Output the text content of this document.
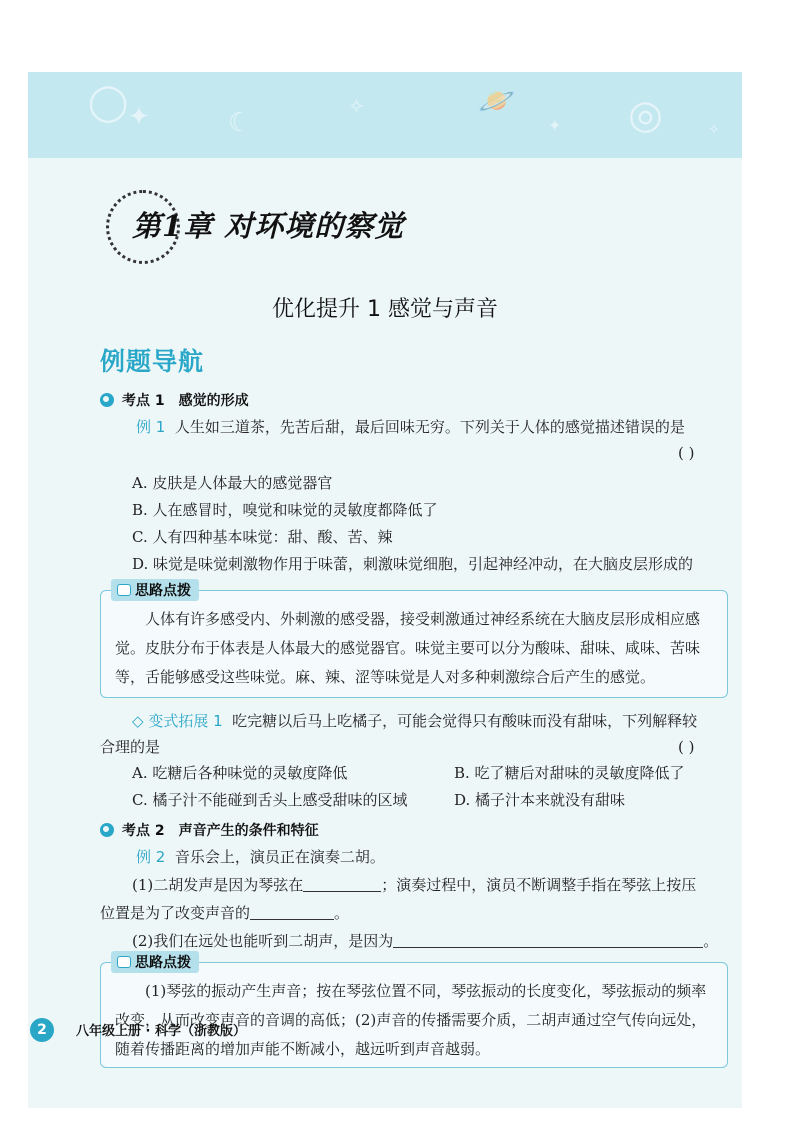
◯ ✦	☾
✧	🪐
✦ ◎	✧
第1章 对环境的察觉
优化提升 1 感觉与声音
例题导航
考点 1 感觉的形成
例 1 人生如三道茶，先苦后甜，最后回味无穷。下列关于人体的感觉描述错误的是
( )
A. 皮肤是人体最大的感觉器官
B. 人在感冒时，嗅觉和味觉的灵敏度都降低了
C. 人有四种基本味觉：甜、酸、苦、辣
D. 味觉是味觉刺激物作用于味蕾，刺激味觉细胞，引起神经冲动，在大脑皮层形成的
思路点拨

人体有许多感受内、外刺激的感受器，接受刺激通过神经系统在大脑皮层形成相应感觉。皮肤分布于体表是人体最大的感觉器官。味觉主要可以分为酸味、甜味、咸味、苦味等，舌能够感受这些味觉。麻、辣、涩等味觉是人对多种刺激综合后产生的感觉。

◇ 变式拓展 1 吃完糖以后马上吃橘子，可能会觉得只有酸味而没有甜味，下列解释较
合理的是	( )
A. 吃糖后各种味觉的灵敏度降低	B. 吃了糖后对甜味的灵敏度降低了
C. 橘子汁不能碰到舌头上感受甜味的区域	D. 橘子汁本来就没有甜味
考点 2 声音产生的条件和特征
例 2 音乐会上，演员正在演奏二胡。
(1)二胡发声是因为琴弦在	；演奏过程中，演员不断调整手指在琴弦上按压
位置是为了改变声音的	。
(2)我们在远处也能听到二胡声，是因为	。
思路点拨

(1)琴弦的振动产生声音；按在琴弦位置不同，琴弦振动的长度变化，琴弦振动的频率改变，从而改变声音的音调的高低；(2)声音的传播需要介质，二胡声通过空气传向远处，随着传播距离的增加声能不断减小，越远听到声音越弱。

2	八年级上册 · 科学（浙教版）
